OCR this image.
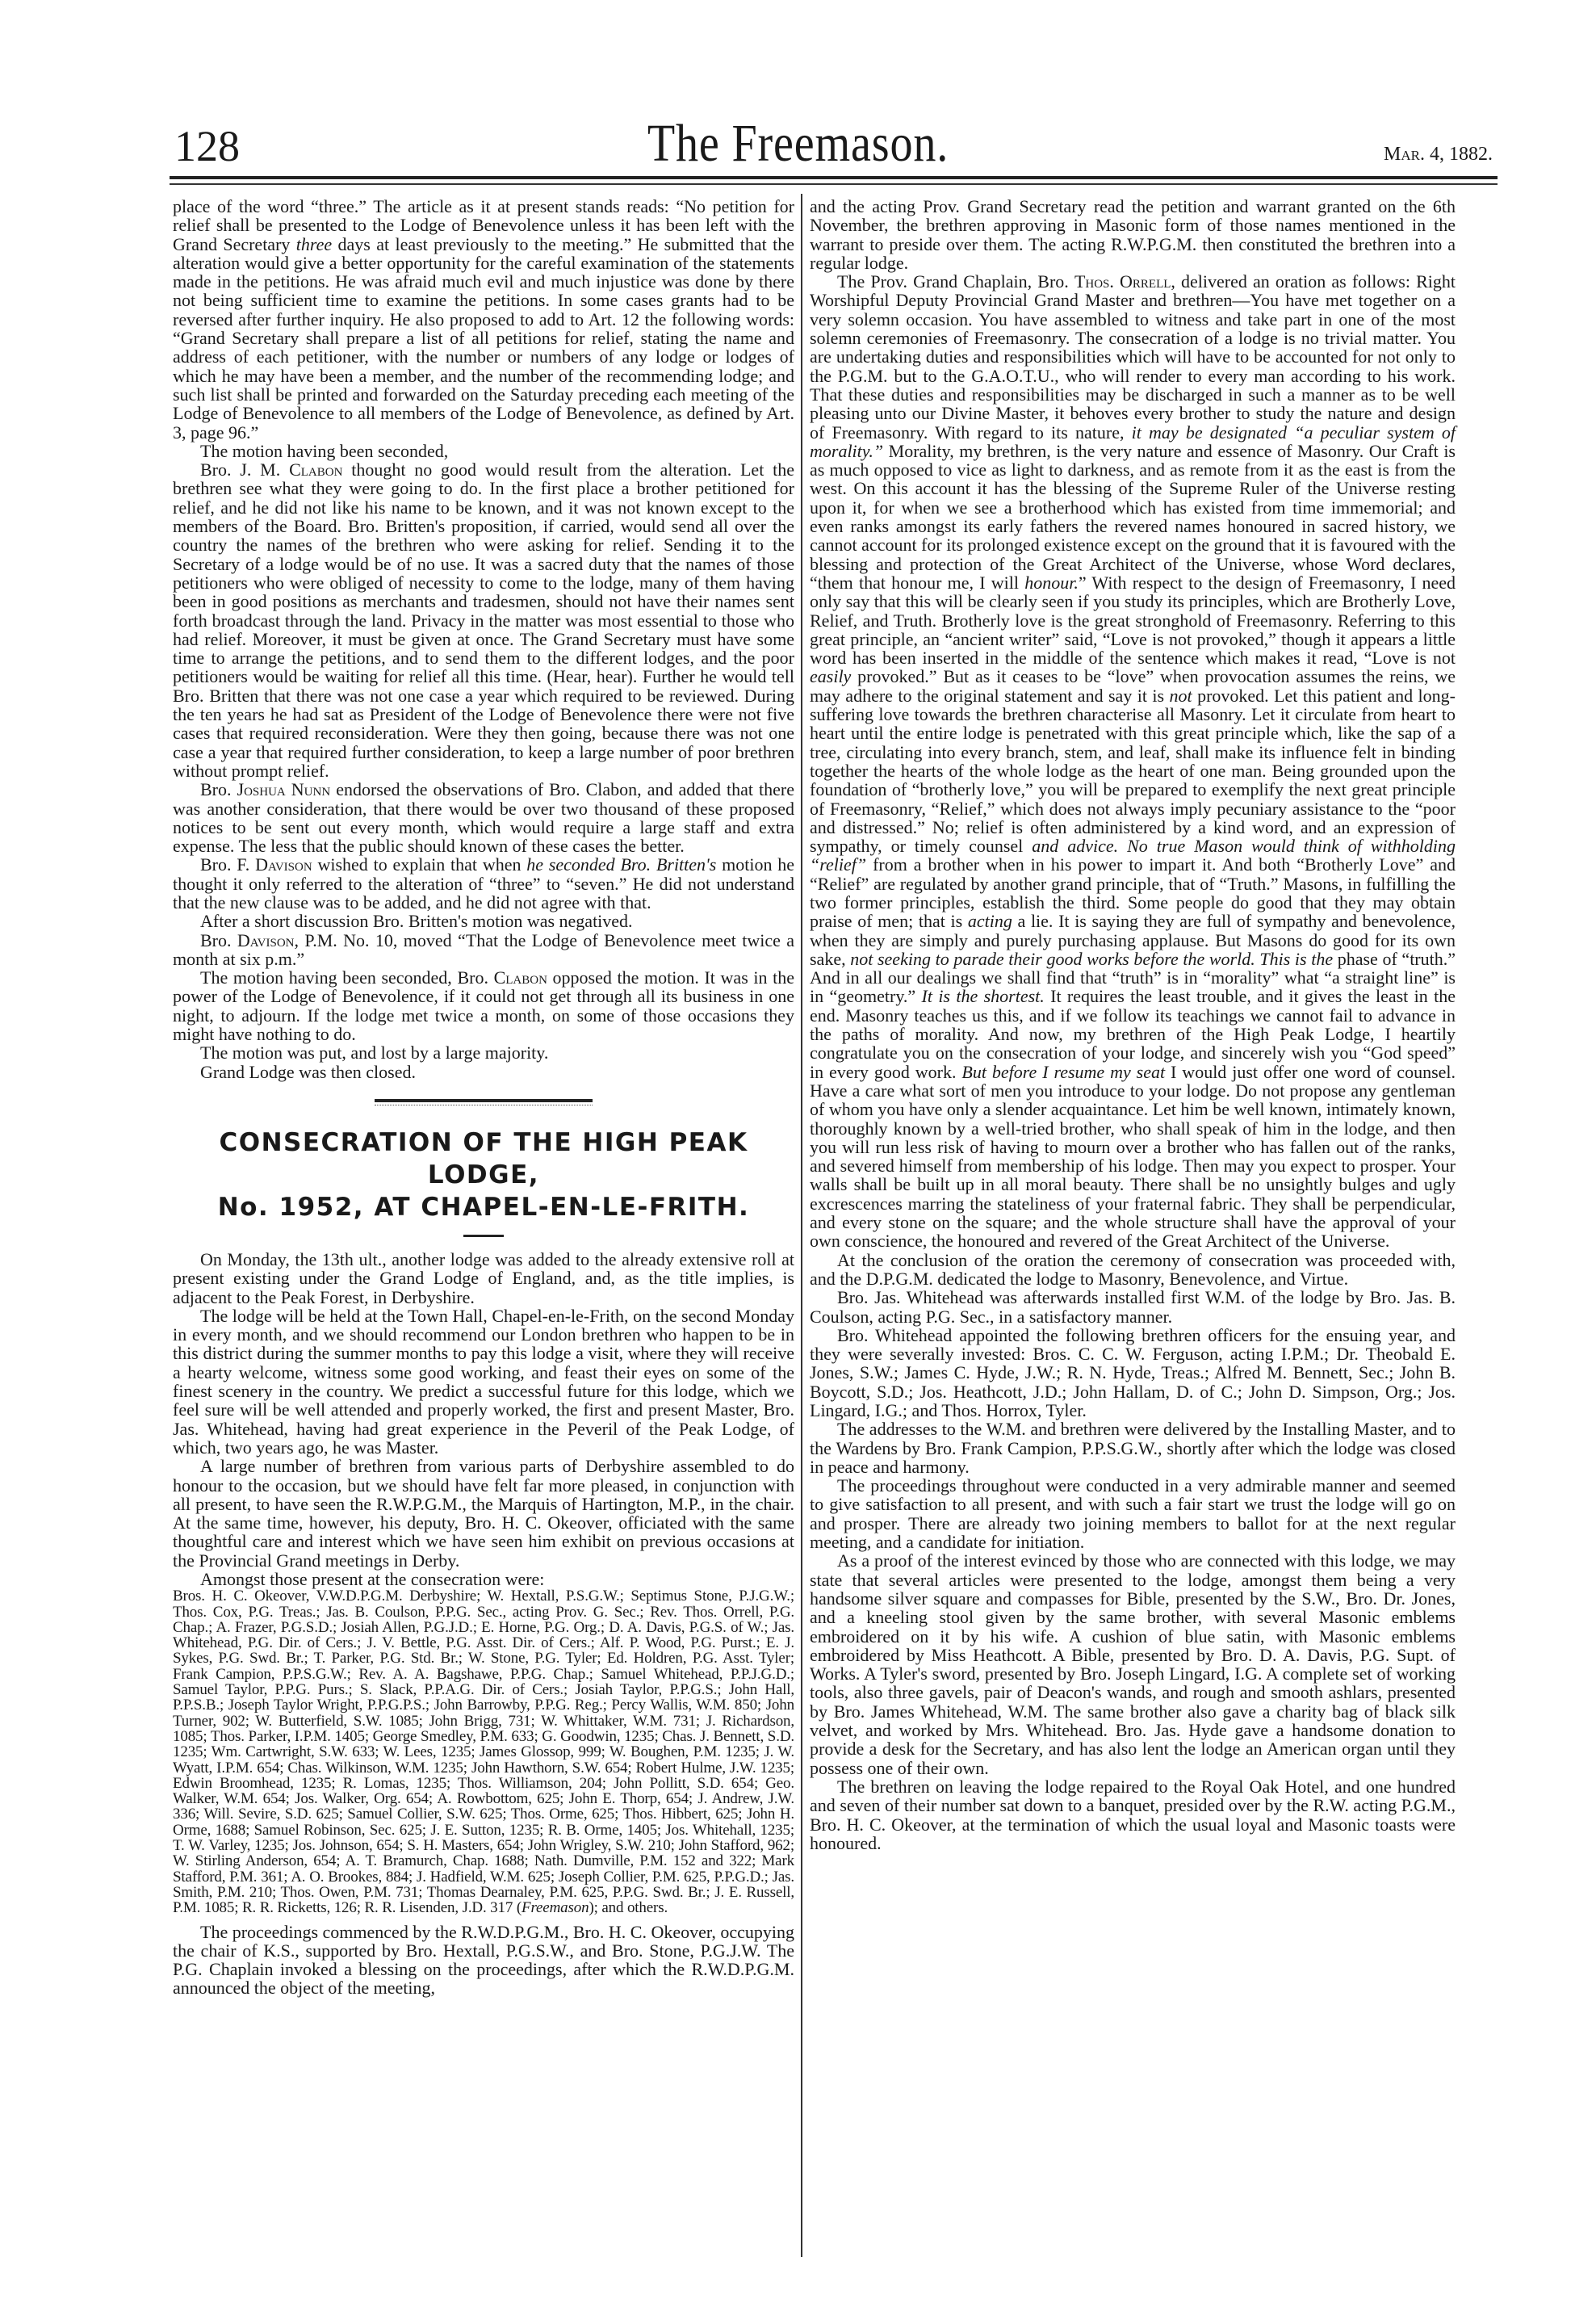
128	The Freemason.	Mar. 4, 1882.

place of the word “three.” The article as it at present stands reads: “No petition for relief shall be presented to the Lodge of Benevolence unless it has been left with the Grand Secretary three days at least previously to the meeting.” He submitted that the alteration would give a better opportunity for the careful examination of the statements made in the petitions. He was afraid much evil and much injustice was done by there not being sufficient time to examine the petitions. In some cases grants had to be reversed after further inquiry. He also proposed to add to Art. 12 the following words: “Grand Secretary shall prepare a list of all petitions for relief, stating the name and address of each petitioner, with the number or numbers of any lodge or lodges of which he may have been a member, and the number of the recommending lodge; and such list shall be printed and forwarded on the Saturday preceding each meeting of the Lodge of Benevolence to all members of the Lodge of Benevolence, as defined by Art. 3, page 96.”

The motion having been seconded,

Bro. J. M. Clabon thought no good would result from the alteration. Let the brethren see what they were going to do. In the first place a brother petitioned for relief, and he did not like his name to be known, and it was not known except to the members of the Board. Bro. Britten's proposition, if carried, would send all over the country the names of the brethren who were asking for relief. Sending it to the Secretary of a lodge would be of no use. It was a sacred duty that the names of those petitioners who were obliged of necessity to come to the lodge, many of them having been in good positions as merchants and tradesmen, should not have their names sent forth broadcast through the land. Privacy in the matter was most essential to those who had relief. Moreover, it must be given at once. The Grand Secretary must have some time to arrange the petitions, and to send them to the different lodges, and the poor petitioners would be waiting for relief all this time. (Hear, hear). Further he would tell Bro. Britten that there was not one case a year which required to be reviewed. During the ten years he had sat as President of the Lodge of Benevolence there were not five cases that required reconsideration. Were they then going, because there was not one case a year that required further consideration, to keep a large number of poor brethren without prompt relief.

Bro. Joshua Nunn endorsed the observations of Bro. Clabon, and added that there was another consideration, that there would be over two thousand of these proposed notices to be sent out every month, which would require a large staff and extra expense. The less that the public should known of these cases the better.

Bro. F. Davison wished to explain that when he seconded Bro. Britten's motion he thought it only referred to the alteration of “three” to “seven.” He did not understand that the new clause was to be added, and he did not agree with that.

After a short discussion Bro. Britten's motion was negatived.

Bro. Davison, P.M. No. 10, moved “That the Lodge of Benevolence meet twice a month at six p.m.”

The motion having been seconded, Bro. Clabon opposed the motion. It was in the power of the Lodge of Benevolence, if it could not get through all its business in one night, to adjourn. If the lodge met twice a month, on some of those occasions they might have nothing to do.

The motion was put, and lost by a large majority.

Grand Lodge was then closed.

CONSECRATION OF THE HIGH PEAK LODGE,
No. 1952, AT CHAPEL-EN-LE-FRITH.

On Monday, the 13th ult., another lodge was added to the already extensive roll at present existing under the Grand Lodge of England, and, as the title implies, is adjacent to the Peak Forest, in Derbyshire.

The lodge will be held at the Town Hall, Chapel-en-le-Frith, on the second Monday in every month, and we should recommend our London brethren who happen to be in this district during the summer months to pay this lodge a visit, where they will receive a hearty welcome, witness some good working, and feast their eyes on some of the finest scenery in the country. We predict a successful future for this lodge, which we feel sure will be well attended and properly worked, the first and present Master, Bro. Jas. Whitehead, having had great experience in the Peveril of the Peak Lodge, of which, two years ago, he was Master.

A large number of brethren from various parts of Derbyshire assembled to do honour to the occasion, but we should have felt far more pleased, in conjunction with all present, to have seen the R.W.P.G.M., the Marquis of Hartington, M.P., in the chair. At the same time, however, his deputy, Bro. H. C. Okeover, officiated with the same thoughtful care and interest which we have seen him exhibit on previous occasions at the Provincial Grand meetings in Derby.

Amongst those present at the consecration were:

Bros. H. C. Okeover, V.W.D.P.G.M. Derbyshire; W. Hextall, P.S.G.W.; Septimus Stone, P.J.G.W.; Thos. Cox, P.G. Treas.; Jas. B. Coulson, P.P.G. Sec., acting Prov. G. Sec.; Rev. Thos. Orrell, P.G. Chap.; A. Frazer, P.G.S.D.; Josiah Allen, P.G.J.D.; E. Horne, P.G. Org.; D. A. Davis, P.G.S. of W.; Jas. Whitehead, P.G. Dir. of Cers.; J. V. Bettle, P.G. Asst. Dir. of Cers.; Alf. P. Wood, P.G. Purst.; E. J. Sykes, P.G. Swd. Br.; T. Parker, P.G. Std. Br.; W. Stone, P.G. Tyler; Ed. Holdren, P.G. Asst. Tyler; Frank Campion, P.P.S.G.W.; Rev. A. A. Bagshawe, P.P.G. Chap.; Samuel Whitehead, P.P.J.G.D.; Samuel Taylor, P.P.G. Purs.; S. Slack, P.P.A.G. Dir. of Cers.; Josiah Taylor, P.P.G.S.; John Hall, P.P.S.B.; Joseph Taylor Wright, P.P.G.P.S.; John Barrowby, P.P.G. Reg.; Percy Wallis, W.M. 850; John Turner, 902; W. Butterfield, S.W. 1085; John Brigg, 731; W. Whittaker, W.M. 731; J. Richardson, 1085; Thos. Parker, I.P.M. 1405; George Smedley, P.M. 633; G. Goodwin, 1235; Chas. J. Bennett, S.D. 1235; Wm. Cartwright, S.W. 633; W. Lees, 1235; James Glossop, 999; W. Boughen, P.M. 1235; J. W. Wyatt, I.P.M. 654; Chas. Wilkinson, W.M. 1235; John Hawthorn, S.W. 654; Robert Hulme, J.W. 1235; Edwin Broomhead, 1235; R. Lomas, 1235; Thos. Williamson, 204; John Pollitt, S.D. 654; Geo. Walker, W.M. 654; Jos. Walker, Org. 654; A. Rowbottom, 625; John E. Thorp, 654; J. Andrew, J.W. 336; Will. Sevire, S.D. 625; Samuel Collier, S.W. 625; Thos. Orme, 625; Thos. Hibbert, 625; John H. Orme, 1688; Samuel Robinson, Sec. 625; J. E. Sutton, 1235; R. B. Orme, 1405; Jos. Whitehall, 1235; T. W. Varley, 1235; Jos. Johnson, 654; S. H. Masters, 654; John Wrigley, S.W. 210; John Stafford, 962; W. Stirling Anderson, 654; A. T. Bramurch, Chap. 1688; Nath. Dumville, P.M. 152 and 322; Mark Stafford, P.M. 361; A. O. Brookes, 884; J. Hadfield, W.M. 625; Joseph Collier, P.M. 625, P.P.G.D.; Jas. Smith, P.M. 210; Thos. Owen, P.M. 731; Thomas Dearnaley, P.M. 625, P.P.G. Swd. Br.; J. E. Russell, P.M. 1085; R. R. Ricketts, 126; R. R. Lisenden, J.D. 317 (Freemason); and others.

The proceedings commenced by the R.W.D.P.G.M., Bro. H. C. Okeover, occupying the chair of K.S., supported by Bro. Hextall, P.G.S.W., and Bro. Stone, P.G.J.W. The P.G. Chaplain invoked a blessing on the proceedings, after which the R.W.D.P.G.M. announced the object of the meeting,

and the acting Prov. Grand Secretary read the petition and warrant granted on the 6th November, the brethren approving in Masonic form of those names mentioned in the warrant to preside over them. The acting R.W.P.G.M. then constituted the brethren into a regular lodge.

The Prov. Grand Chaplain, Bro. Thos. Orrell, delivered an oration as follows: Right Worshipful Deputy Provincial Grand Master and brethren—You have met together on a very solemn occasion. You have assembled to witness and take part in one of the most solemn ceremonies of Freemasonry. The consecration of a lodge is no trivial matter. You are undertaking duties and responsibilities which will have to be accounted for not only to the P.G.M. but to the G.A.O.T.U., who will render to every man according to his work. That these duties and responsibilities may be discharged in such a manner as to be well pleasing unto our Divine Master, it behoves every brother to study the nature and design of Freemasonry. With regard to its nature, it may be designated “a peculiar system of morality.” Morality, my brethren, is the very nature and essence of Masonry. Our Craft is as much opposed to vice as light to darkness, and as remote from it as the east is from the west. On this account it has the blessing of the Supreme Ruler of the Universe resting upon it, for when we see a brotherhood which has existed from time immemorial; and even ranks amongst its early fathers the revered names honoured in sacred history, we cannot account for its prolonged existence except on the ground that it is favoured with the blessing and protection of the Great Architect of the Universe, whose Word declares, “them that honour me, I will honour.” With respect to the design of Freemasonry, I need only say that this will be clearly seen if you study its principles, which are Brotherly Love, Relief, and Truth. Brotherly love is the great stronghold of Freemasonry. Referring to this great principle, an “ancient writer” said, “Love is not provoked,” though it appears a little word has been inserted in the middle of the sentence which makes it read, “Love is not easily provoked.” But as it ceases to be “love” when provocation assumes the reins, we may adhere to the original statement and say it is not provoked. Let this patient and long-suffering love towards the brethren characterise all Masonry. Let it circulate from heart to heart until the entire lodge is penetrated with this great principle which, like the sap of a tree, circulating into every branch, stem, and leaf, shall make its influence felt in binding together the hearts of the whole lodge as the heart of one man. Being grounded upon the foundation of “brotherly love,” you will be prepared to exemplify the next great principle of Freemasonry, “Relief,” which does not always imply pecuniary assistance to the “poor and distressed.” No; relief is often administered by a kind word, and an expression of sympathy, or timely counsel and advice. No true Mason would think of withholding “relief” from a brother when in his power to impart it. And both “Brotherly Love” and “Relief” are regulated by another grand principle, that of “Truth.” Masons, in fulfilling the two former principles, establish the third. Some people do good that they may obtain praise of men; that is acting a lie. It is saying they are full of sympathy and benevolence, when they are simply and purely purchasing applause. But Masons do good for its own sake, not seeking to parade their good works before the world. This is the phase of “truth.” And in all our dealings we shall find that “truth” is in “morality” what “a straight line” is in “geometry.” It is the shortest. It requires the least trouble, and it gives the least in the end. Masonry teaches us this, and if we follow its teachings we cannot fail to advance in the paths of morality. And now, my brethren of the High Peak Lodge, I heartily congratulate you on the consecration of your lodge, and sincerely wish you “God speed” in every good work. But before I resume my seat I would just offer one word of counsel. Have a care what sort of men you introduce to your lodge. Do not propose any gentleman of whom you have only a slender acquaintance. Let him be well known, intimately known, thoroughly known by a well-tried brother, who shall speak of him in the lodge, and then you will run less risk of having to mourn over a brother who has fallen out of the ranks, and severed himself from membership of his lodge. Then may you expect to prosper. Your walls shall be built up in all moral beauty. There shall be no unsightly bulges and ugly excrescences marring the stateliness of your fraternal fabric. They shall be perpendicular, and every stone on the square; and the whole structure shall have the approval of your own conscience, the honoured and revered of the Great Architect of the Universe.

At the conclusion of the oration the ceremony of consecration was proceeded with, and the D.P.G.M. dedicated the lodge to Masonry, Benevolence, and Virtue.

Bro. Jas. Whitehead was afterwards installed first W.M. of the lodge by Bro. Jas. B. Coulson, acting P.G. Sec., in a satisfactory manner.

Bro. Whitehead appointed the following brethren officers for the ensuing year, and they were severally invested: Bros. C. C. W. Ferguson, acting I.P.M.; Dr. Theobald E. Jones, S.W.; James C. Hyde, J.W.; R. N. Hyde, Treas.; Alfred M. Bennett, Sec.; John B. Boycott, S.D.; Jos. Heathcott, J.D.; John Hallam, D. of C.; John D. Simpson, Org.; Jos. Lingard, I.G.; and Thos. Horrox, Tyler.

The addresses to the W.M. and brethren were delivered by the Installing Master, and to the Wardens by Bro. Frank Campion, P.P.S.G.W., shortly after which the lodge was closed in peace and harmony.

The proceedings throughout were conducted in a very admirable manner and seemed to give satisfaction to all present, and with such a fair start we trust the lodge will go on and prosper. There are already two joining members to ballot for at the next regular meeting, and a candidate for initiation.

As a proof of the interest evinced by those who are connected with this lodge, we may state that several articles were presented to the lodge, amongst them being a very handsome silver square and compasses for Bible, presented by the S.W., Bro. Dr. Jones, and a kneeling stool given by the same brother, with several Masonic emblems embroidered on it by his wife. A cushion of blue satin, with Masonic emblems embroidered by Miss Heathcott. A Bible, presented by Bro. D. A. Davis, P.G. Supt. of Works. A Tyler's sword, presented by Bro. Joseph Lingard, I.G. A complete set of working tools, also three gavels, pair of Deacon's wands, and rough and smooth ashlars, presented by Bro. James Whitehead, W.M. The same brother also gave a charity bag of black silk velvet, and worked by Mrs. Whitehead. Bro. Jas. Hyde gave a handsome donation to provide a desk for the Secretary, and has also lent the lodge an American organ until they possess one of their own.

The brethren on leaving the lodge repaired to the Royal Oak Hotel, and one hundred and seven of their number sat down to a banquet, presided over by the R.W. acting P.G.M., Bro. H. C. Okeover, at the termination of which the usual loyal and Masonic toasts were honoured.
